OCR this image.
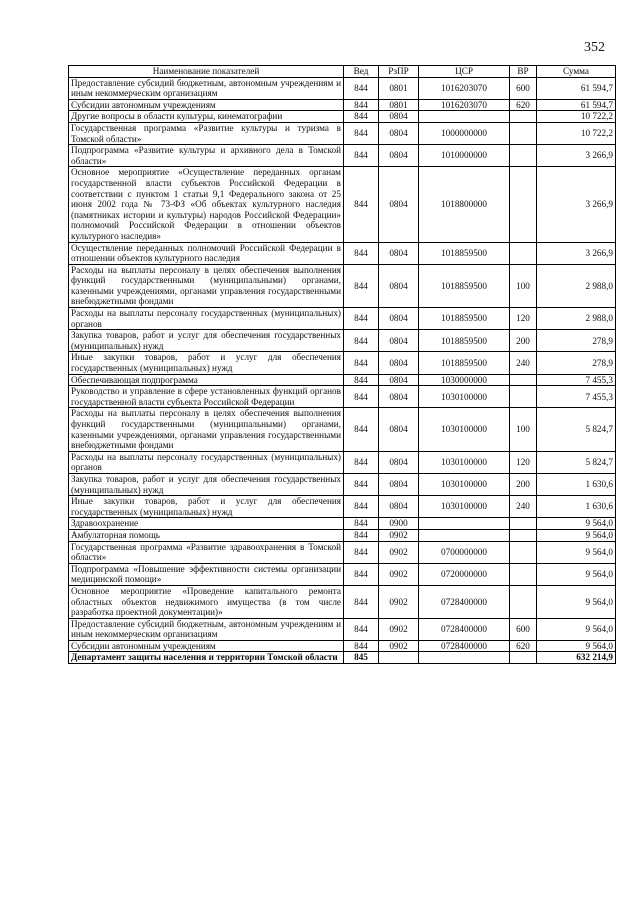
352
Наименование показателей	Вед	РзПР	ЦСР	ВР	Сумма
Предоставление субсидий бюджетным, автономным учреждениям и иным некоммерческим организациям	844	0801	1016203070	600	61 594,7
Субсидии автономным учреждениям	844	0801	1016203070	620	61 594,7
Другие вопросы в области культуры, кинематографии	844	0804			10 722,2
Государственная программа «Развитие культуры и туризма в Томской области»	844	0804	1000000000		10 722,2
Подпрограмма «Развитие культуры и архивного дела в Томской области»	844	0804	1010000000		3 266,9
Основное мероприятие «Осуществление переданных органам государственной власти субъектов Российской Федерации в соответствии с пунктом 1 статьи 9,1 Федерального закона от 25 июня 2002 года № 73-ФЗ «Об объектах культурного наследия (памятниках истории и культуры) народов Российской Федерации» полномочий Российской Федерации в отношении объектов культурного наследия»	844	0804	1018800000		3 266,9
Осуществление переданных полномочий Российской Федерации в отношении объектов культурного наследия	844	0804	1018859500		3 266,9
Расходы на выплаты персоналу в целях обеспечения выполнения функций государственными (муниципальными) органами, казенными учреждениями, органами управления государственными внебюджетными фондами	844	0804	1018859500	100	2 988,0
Расходы на выплаты персоналу государственных (муниципальных) органов	844	0804	1018859500	120	2 988,0
Закупка товаров, работ и услуг для обеспечения государственных (муниципальных) нужд	844	0804	1018859500	200	278,9
Иные закупки товаров, работ и услуг для обеспечения государственных (муниципальных) нужд	844	0804	1018859500	240	278,9
Обеспечивающая подпрограмма	844	0804	1030000000		7 455,3
Руководство и управление в сфере установленных функций органов государственной власти субъекта Российской Федерации	844	0804	1030100000		7 455,3
Расходы на выплаты персоналу в целях обеспечения выполнения функций государственными (муниципальными) органами, казенными учреждениями, органами управления государственными внебюджетными фондами	844	0804	1030100000	100	5 824,7
Расходы на выплаты персоналу государственных (муниципальных) органов	844	0804	1030100000	120	5 824,7
Закупка товаров, работ и услуг для обеспечения государственных (муниципальных) нужд	844	0804	1030100000	200	1 630,6
Иные закупки товаров, работ и услуг для обеспечения государственных (муниципальных) нужд	844	0804	1030100000	240	1 630,6
Здравоохранение	844	0900			9 564,0
Амбулаторная помощь	844	0902			9 564,0
Государственная программа «Развитие здравоохранения в Томской области»	844	0902	0700000000		9 564,0
Подпрограмма «Повышение эффективности системы организации медицинской помощи»	844	0902	0720000000		9 564,0
Основное мероприятие «Проведение капитального ремонта областных объектов недвижимого имущества (в том числе разработка проектной документации)»	844	0902	0728400000		9 564,0
Предоставление субсидий бюджетным, автономным учреждениям и иным некоммерческим организациям	844	0902	0728400000	600	9 564,0
Субсидии автономным учреждениям	844	0902	0728400000	620	9 564,0
Департамент защиты населения и территории Томской области	845				632 214,9
